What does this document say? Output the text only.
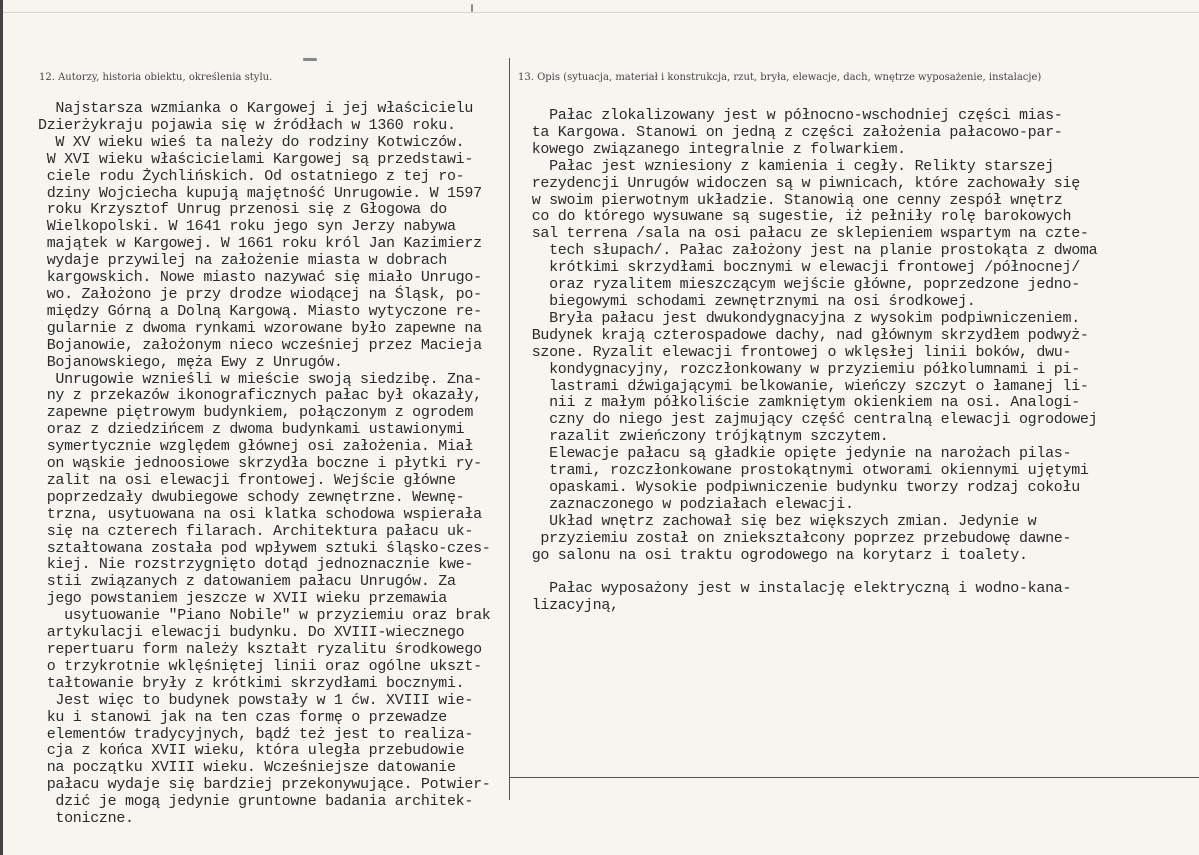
12. Autorzy, historia obiektu, określenia stylu.	13. Opis (sytuacja, materiał i konstrukcja, rzut, bryła, elewacje, dach, wnętrze wyposażenie, instalacje)
Najstarsza wzmianka o Kargowej i jej właścicielu
Dzierżykraju pojawia się w źródłach w 1360 roku.
W XV wieku wieś ta należy do rodziny Kotwiczów.
W XVI wieku właścicielami Kargowej są przedstawi-
ciele rodu Żychlińskich. Od ostatniego z tej ro-
dziny Wojciecha kupują majętność Unrugowie. W 1597
roku Krzysztof Unrug przenosi się z Głogowa do
Wielkopolski. W 1641 roku jego syn Jerzy nabywa
majątek w Kargowej. W 1661 roku król Jan Kazimierz
wydaje przywilej na założenie miasta w dobrach
kargowskich. Nowe miasto nazywać się miało Unrugo-
wo. Założono je przy drodze wiodącej na Śląsk, po-
między Górną a Dolną Kargową. Miasto wytyczone re-
gularnie z dwoma rynkami wzorowane było zapewne na
Bojanowie, założonym nieco wcześniej przez Macieja
Bojanowskiego, męża Ewy z Unrugów.
Unrugowie wznieśli w mieście swoją siedzibę. Zna-
ny z przekazów ikonograficznych pałac był okazały,
zapewne piętrowym budynkiem, połączonym z ogrodem
oraz z dziedzińcem z dwoma budynkami ustawionymi
symertycznie względem głównej osi założenia. Miał
on wąskie jednoosiowe skrzydła boczne i płytki ry-
zalit na osi elewacji frontowej. Wejście główne
poprzedzały dwubiegowe schody zewnętrzne. Wewnę-
trzna, usytuowana na osi klatka schodowa wspierała
się na czterech filarach. Architektura pałacu uk-
ształtowana została pod wpływem sztuki śląsko-czes-
kiej. Nie rozstrzygnięto dotąd jednoznacznie kwe-
stii związanych z datowaniem pałacu Unrugów. Za
jego powstaniem jeszcze w XVII wieku przemawia
usytuowanie "Piano Nobile" w przyziemiu oraz brak
artykulacji elewacji budynku. Do XVIII-wiecznego
repertuaru form należy kształt ryzalitu środkowego
o trzykrotnie wklęśniętej linii oraz ogólne ukszt-
tałtowanie bryły z krótkimi skrzydłami bocznymi.
Jest więc to budynek powstały w 1 ćw. XVIII wie-
ku i stanowi jak na ten czas formę o przewadze
elementów tradycyjnych, bądź też jest to realiza-
cja z końca XVII wieku, która uległa przebudowie
na początku XVIII wieku. Wcześniejsze datowanie
pałacu wydaje się bardziej przekonywujące. Potwier-
dzić je mogą jedynie gruntowne badania architek-
toniczne.
Pałac zlokalizowany jest w północno-wschodniej części mias-
ta Kargowa. Stanowi on jedną z części założenia pałacowo-par-
kowego związanego integralnie z folwarkiem.
Pałac jest wzniesiony z kamienia i cegły. Relikty starszej
rezydencji Unrugów widoczen są w piwnicach, które zachowały się
w swoim pierwotnym układzie. Stanowią one cenny zespół wnętrz
co do którego wysuwane są sugestie, iż pełniły rolę barokowych
sal terrena /sala na osi pałacu ze sklepieniem wspartym na czte-
tech słupach/. Pałac założony jest na planie prostokąta z dwoma
krótkimi skrzydłami bocznymi w elewacji frontowej /północnej/
oraz ryzalitem mieszczącym wejście główne, poprzedzone jedno-
biegowymi schodami zewnętrznymi na osi środkowej.
Bryła pałacu jest dwukondygnacyjna z wysokim podpiwniczeniem.
Budynek krają czterospadowe dachy, nad głównym skrzydłem podwyż-
szone. Ryzalit elewacji frontowej o wklęsłej linii boków, dwu-
kondygnacyjny, rozczłonkowany w przyziemiu półkolumnami i pi-
lastrami dźwigającymi belkowanie, wieńczy szczyt o łamanej li-
nii z małym półkoliście zamkniętym okienkiem na osi. Analogi-
czny do niego jest zajmujący część centralną elewacji ogrodowej
razalit zwieńczony trójkątnym szczytem.
Elewacje pałacu są gładkie opięte jedynie na narożach pilas-
trami, rozczłonkowane prostokątnymi otworami okiennymi ujętymi
opaskami. Wysokie podpiwniczenie budynku tworzy rodzaj cokołu
zaznaczonego w podziałach elewacji.
Układ wnętrz zachował się bez większych zmian. Jedynie w
przyziemiu został on zniekształcony poprzez przebudowę dawne-
go salonu na osi traktu ogrodowego na korytarz i toalety.

Pałac wyposażony jest w instalację elektryczną i wodno-kana-
lizacyjną,
